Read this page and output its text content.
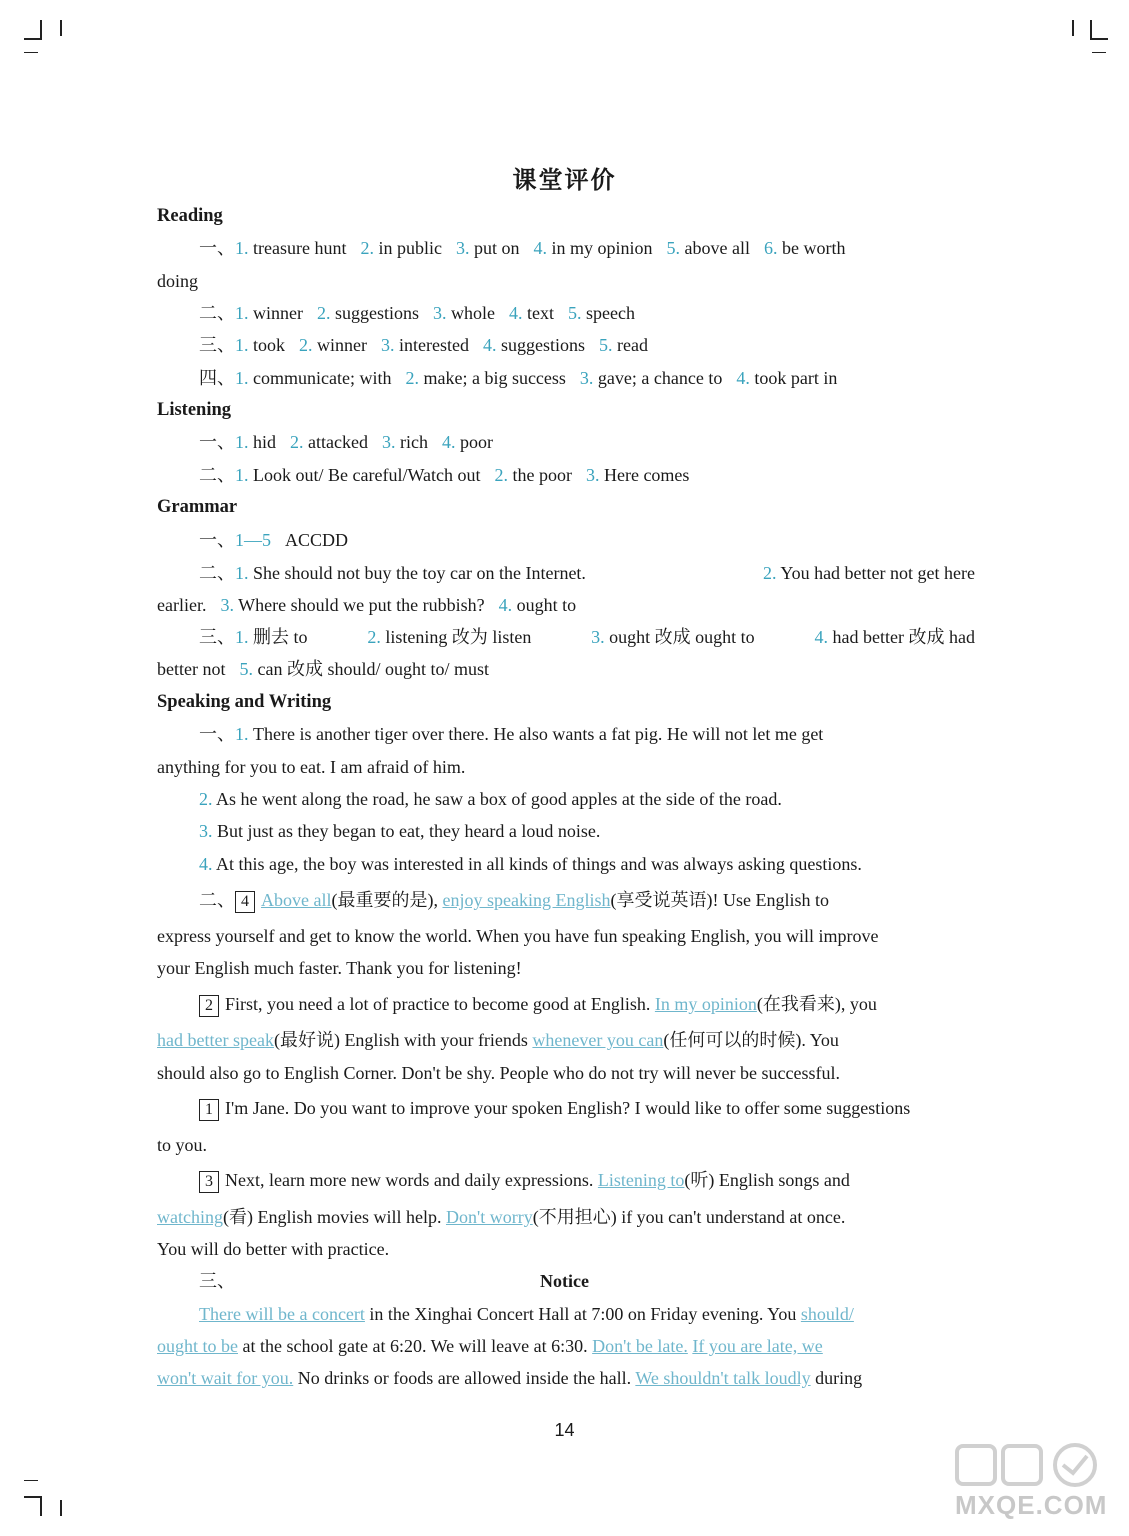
课堂评价
Reading
一、1. treasure hunt 2. in public 3. put on 4. in my opinion 5. above all 6. be worth
doing
二、1. winner 2. suggestions 3. whole 4. text 5. speech
三、1. took 2. winner 3. interested 4. suggestions 5. read
四、1. communicate; with 2. make; a big success 3. gave; a chance to 4. took part in
Listening
一、1. hid 2. attacked 3. rich 4. poor
二、1. Look out/ Be careful/Watch out 2. the poor 3. Here comes
Grammar
一、1—5 ACCDD
二、1. She should not buy the toy car on the Internet.	2. You had better not get here
earlier. 3. Where should we put the rubbish? 4. ought to
三、1. 删去 to	2. listening 改为 listen	3. ought 改成 ought to	4. had better 改成 had
better not 5. can 改成 should/ ought to/ must
Speaking and Writing
一、1. There is another tiger over there. He also wants a fat pig. He will not let me get
anything for you to eat. I am afraid of him.
2. As he went along the road, he saw a box of good apples at the side of the road.
3. But just as they began to eat, they heard a loud noise.
4. At this age, the boy was interested in all kinds of things and was always asking questions.
二、 4 Above all(最重要的是), enjoy speaking English(享受说英语)! Use English to
express yourself and get to know the world. When you have fun speaking English, you will improve
your English much faster. Thank you for listening!
2 First, you need a lot of practice to become good at English. In my opinion(在我看来), you
had better speak(最好说) English with your friends whenever you can(任何可以的时候). You
should also go to English Corner. Don't be shy. People who do not try will never be successful.
1 I'm Jane. Do you want to improve your spoken English? I would like to offer some suggestions
to you.
3 Next, learn more new words and daily expressions. Listening to(听) English songs and
watching(看) English movies will help. Don't worry(不用担心) if you can't understand at once.
You will do better with practice.
三、	Notice
There will be a concert in the Xinghai Concert Hall at 7:00 on Friday evening. You should/
ought to be at the school gate at 6:20. We will leave at 6:30. Don't be late. If you are late, we
won't wait for you. No drinks or foods are allowed inside the hall. We shouldn't talk loudly during
14
MXQE.COM
